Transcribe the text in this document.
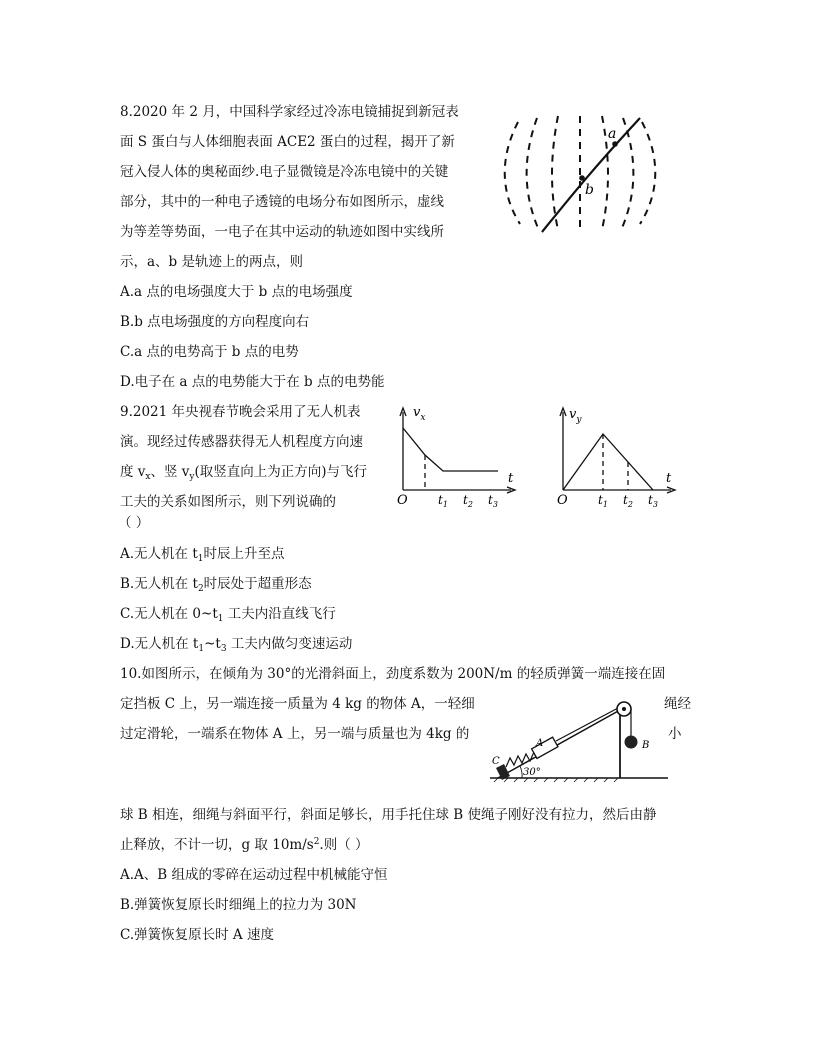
8.2020 年 2 月，中国科学家经过冷冻电镜捕捉到新冠表
面 S 蛋白与人体细胞表面 ACE2 蛋白的过程，揭开了新
冠入侵人体的奥秘面纱.电子显微镜是冷冻电镜中的关键
部分，其中的一种电子透镜的电场分布如图所示，虚线
为等差等势面，一电子在其中运动的轨迹如图中实线所
示，a、b 是轨迹上的两点，则
A.a 点的电场强度大于 b 点的电场强度
B.b 点电场强度的方向程度向右
C.a 点的电势高于 b 点的电势
D.电子在 a 点的电势能大于在 b 点的电势能
a
b
9.2021 年央视春节晚会采用了无人机表
演。现经过传感器获得无人机程度方向速
度 $v_x$、竖 $v_y$(取竖直向上为正方向)与飞行
工夫的关系如图所示，则下列说确的
（ ）
A.无人机在 $t_1$时辰上升至点
B.无人机在 $t_2$时辰处于超重形态
C.无人机在 $0\sim t_1$ 工夫内沿直线飞行
D.无人机在 $t_1\sim t_3$ 工夫内做匀变速运动
$v_x$
t
O	$t_1$ $t_2$ $t_3$
$v_y$
t
O	$t_1$ $t_2$ $t_3$
10.如图所示，在倾角为 30°的光滑斜面上，劲度系数为 200N/m 的轻质弹簧一端连接在固
定挡板 C 上，另一端连接一质量为 4 kg 的物体 A，一轻细	绳经
过定滑轮，一端系在物体 A 上，另一端与质量也为 4kg 的	小
C
A	B
30°
球 B 相连，细绳与斜面平行，斜面足够长，用手托住球 B 使绳子刚好没有拉力，然后由静
止释放，不计一切，g 取 $10m/s^2$.则（ ）
A.A、B 组成的零碎在运动过程中机械能守恒
B.弹簧恢复原长时细绳上的拉力为 30N
C.弹簧恢复原长时 A 速度
